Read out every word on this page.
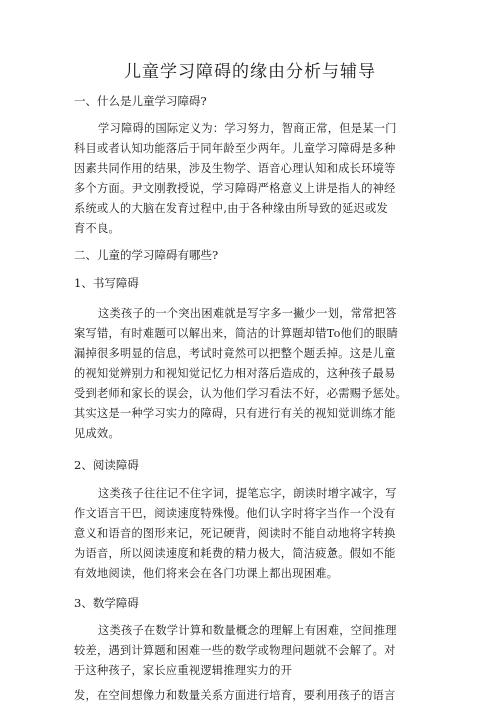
儿童学习障碍的缘由分析与辅导
一、什么是儿童学习障碍?
学习障碍的国际定义为：学习努力，智商正常，但是某一门
科目或者认知功能落后于同年龄至少两年。儿童学习障碍是多种
因素共同作用的结果，涉及生物学、语音心理认知和成长环境等
多个方面。尹文刚教授说，学习障碍严格意义上讲是指人的神经
系统或人的大脑在发育过程中,由于各种缘由所导致的延迟或发
育不良。
二、儿童的学习障碍有哪些?
1、书写障碍
这类孩子的一个突出困难就是写字多一撇少一划，常常把答
案写错，有时难题可以解出来，简洁的计算题却错To他们的眼睛
漏掉很多明显的信息，考试时竟然可以把整个题丢掉。这是儿童
的视知觉辨别力和视知觉记忆力相对落后造成的，这种孩子最易
受到老师和家长的误会，认为他们学习看法不好，必需赐予惩处。
其实这是一种学习实力的障碍，只有进行有关的视知觉训练才能
见成效。
2、阅读障碍
这类孩子往往记不住字词，提笔忘字，朗读时增字减字，写
作文语言干巴，阅读速度特殊慢。他们认字时将字当作一个没有
意义和语音的图形来记，死记硬背，阅读时不能自动地将字转换
为语音，所以阅读速度和耗费的精力极大，简洁疲惫。假如不能
有效地阅读，他们将来会在各门功课上都出现困难。
3、数学障碍
这类孩子在数学计算和数量概念的理解上有困难，空间推理
较差，遇到计算题和困难一些的数学或物理问题就不会解了。对
于这种孩子，家长应重视逻辑推理实力的开
发，在空间想像力和数量关系方面进行培育，要利用孩子的语言
